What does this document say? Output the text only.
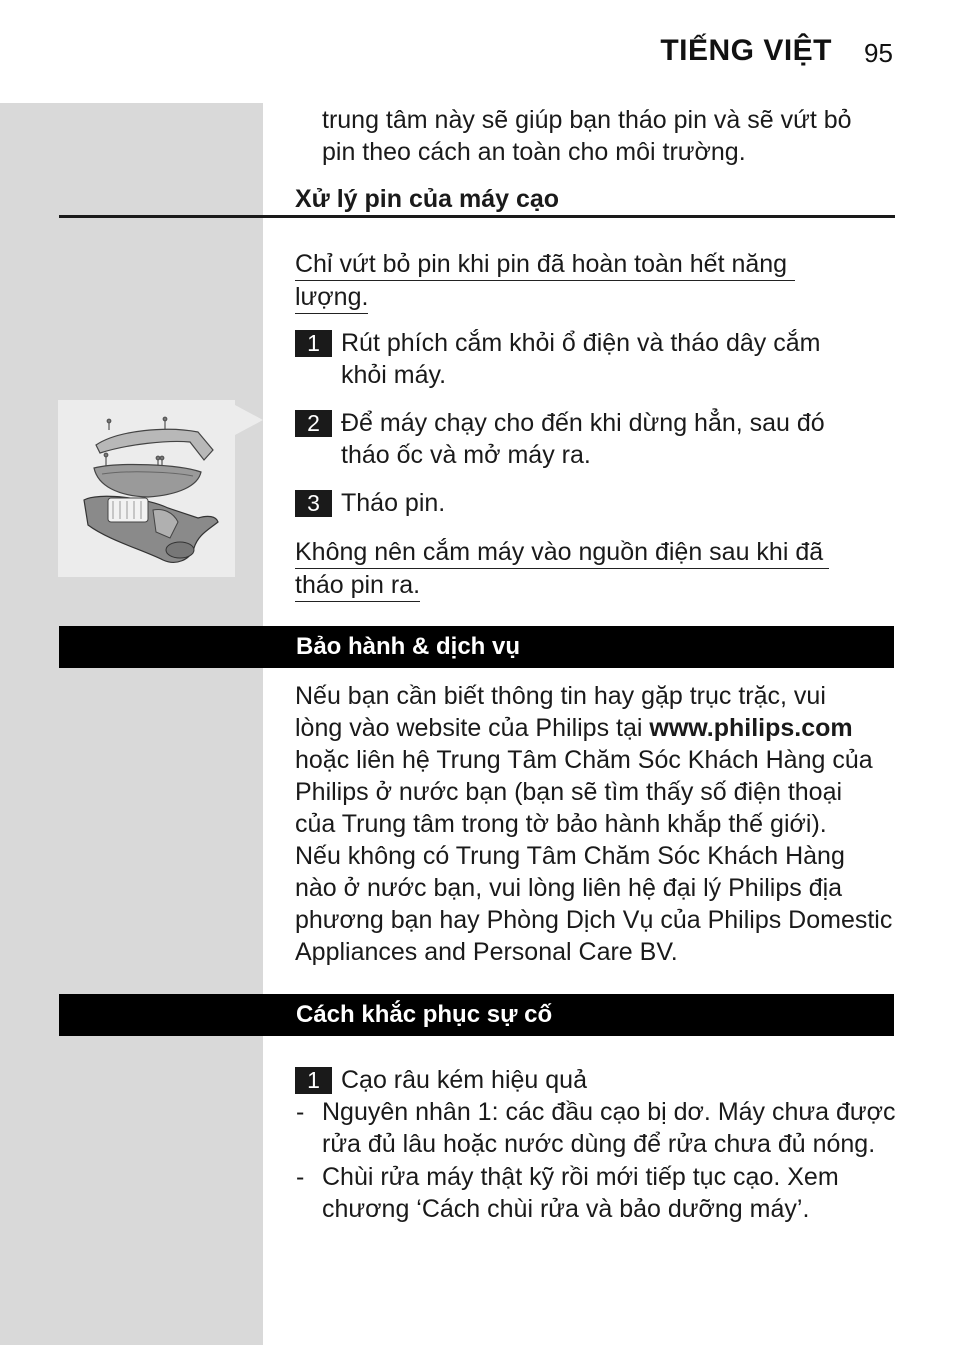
TIẾNG VIỆT 95
trung tâm này sẽ giúp bạn tháo pin và sẽ vứt bỏ
pin theo cách an toàn cho môi trường.
Xử lý pin của máy cạo
Chỉ vứt bỏ pin khi pin đã hoàn toàn hết năng
lượng.
1 Rút phích cắm khỏi ổ điện và tháo dây cắm
khỏi máy.
2 Để máy chạy cho đến khi dừng hẳn, sau đó
tháo ốc và mở máy ra.
3 Tháo pin.
Không nên cắm máy vào nguồn điện sau khi đã
tháo pin ra.
Bảo hành & dịch vụ
Nếu bạn cần biết thông tin hay gặp trục trặc, vui
lòng vào website của Philips tại www.philips.com
hoặc liên hệ Trung Tâm Chăm Sóc Khách Hàng của
Philips ở nước bạn (bạn sẽ tìm thấy số điện thoại
của Trung tâm trong tờ bảo hành khắp thế giới).
Nếu không có Trung Tâm Chăm Sóc Khách Hàng
nào ở nước bạn, vui lòng liên hệ đại lý Philips địa
phương bạn hay Phòng Dịch Vụ của Philips Domestic
Appliances and Personal Care BV.
Cách khắc phục sự cố
1 Cạo râu kém hiệu quả
- Nguyên nhân 1: các đầu cạo bị dơ. Máy chưa được
rửa đủ lâu hoặc nước dùng để rửa chưa đủ nóng.
- Chùi rửa máy thật kỹ rồi mới tiếp tục cạo. Xem
chương ‘Cách chùi rửa và bảo dưỡng máy’.
